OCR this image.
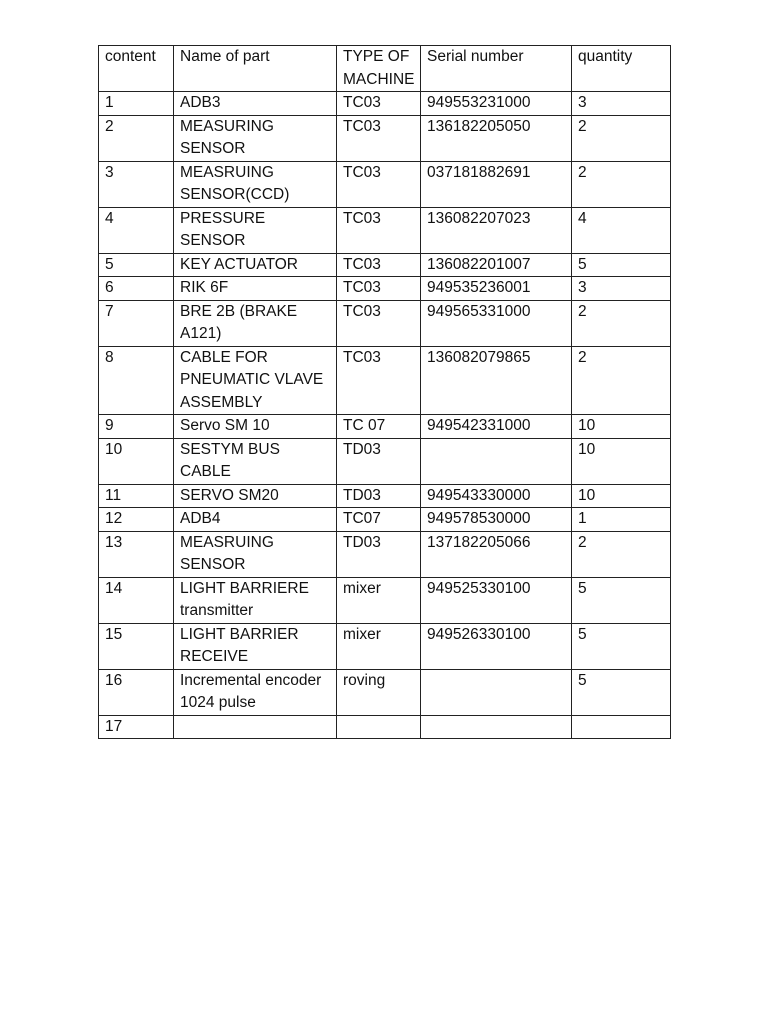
content	Name of part	TYPE OF
MACHINE	Serial number	quantity
1	ADB3	TC03	949553231000	3
2	MEASURING
SENSOR	TC03	136182205050	2
3	MEASRUING
SENSOR(CCD)	TC03	037181882691	2
4	PRESSURE SENSOR	TC03	136082207023	4
5	KEY ACTUATOR	TC03	136082201007	5
6	RIK 6F	TC03	949535236001	3
7	BRE 2B (BRAKE
A121)	TC03	949565331000	2
8	CABLE FOR
PNEUMATIC VLAVE
ASSEMBLY	TC03	136082079865	2
9	Servo SM 10	TC 07	949542331000	10
10	SESTYM BUS CABLE	TD03		10
11	SERVO SM20	TD03	949543330000	10
12	ADB4	TC07	949578530000	1
13	MEASRUING
SENSOR	TD03	137182205066	2
14	LIGHT BARRIERE
transmitter	mixer	949525330100	5
15	LIGHT BARRIER
RECEIVE	mixer	949526330100	5
16	Incremental encoder
1024 pulse	roving		5
17				
